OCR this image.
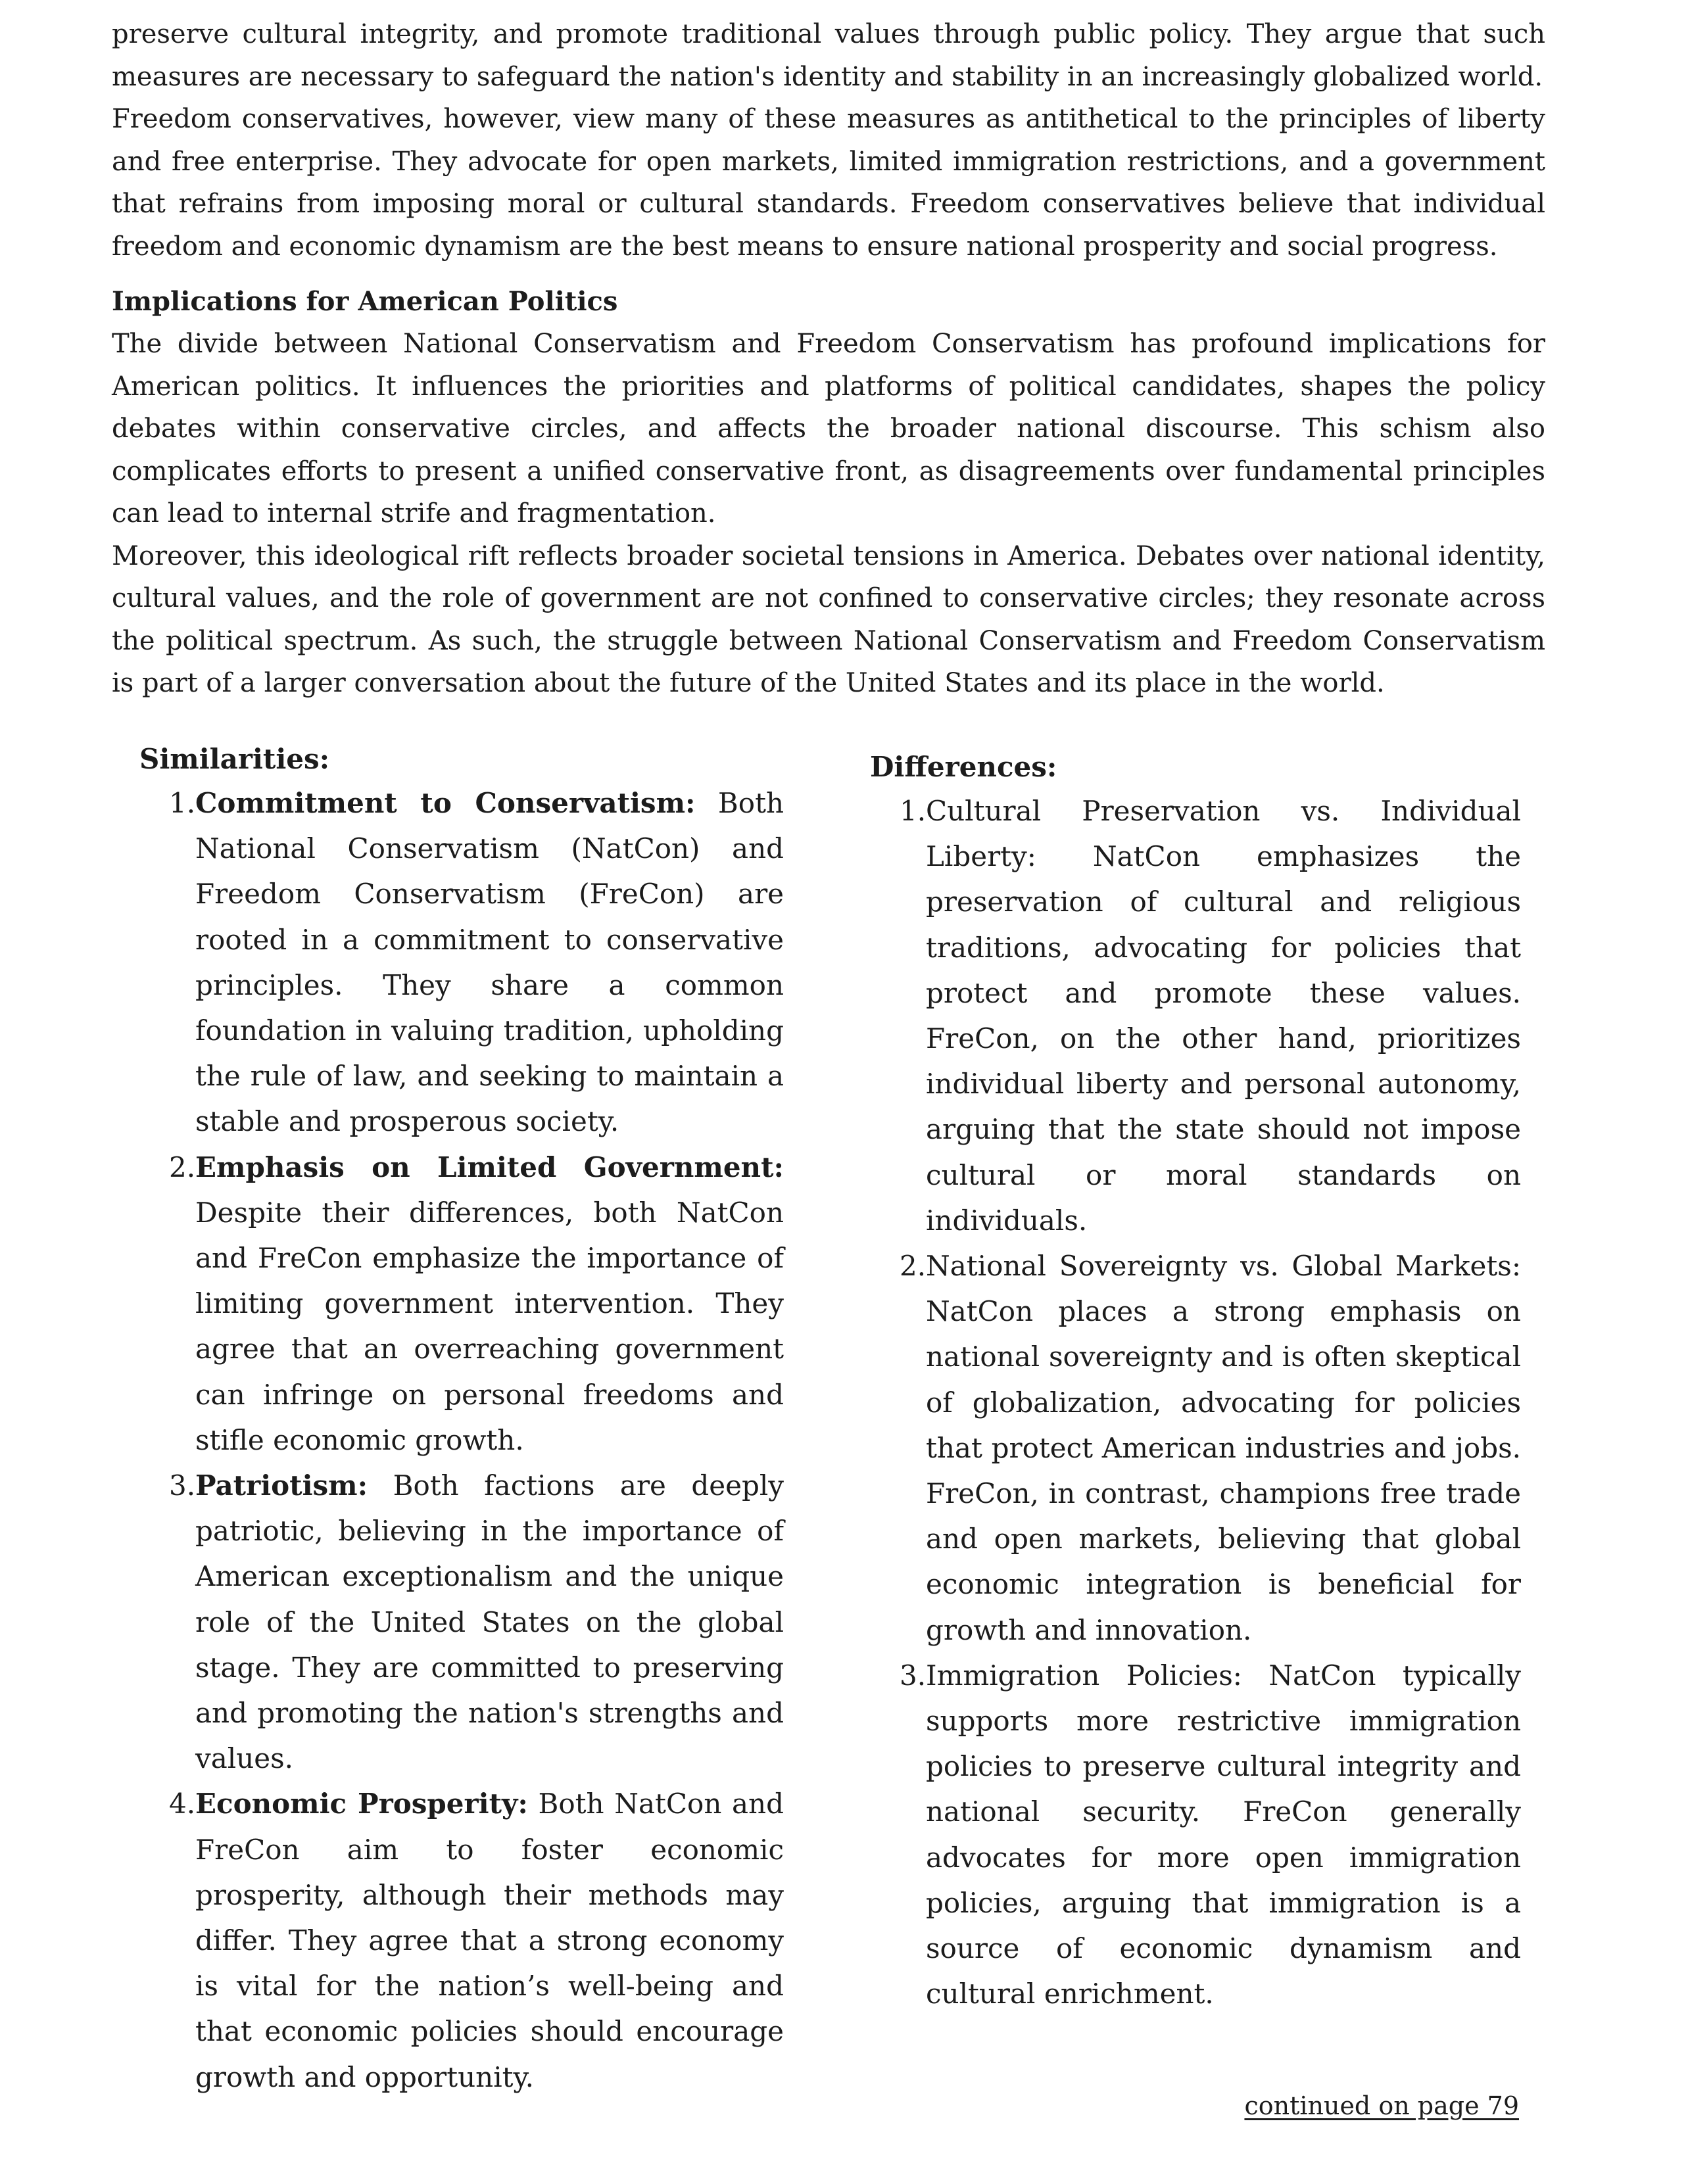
preserve cultural integrity, and promote traditional values through public policy. They argue that such measures are necessary to safeguard the nation's identity and stability in an increasingly globalized world.

Freedom conservatives, however, view many of these measures as antithetical to the principles of liberty and free enterprise. They advocate for open markets, limited immigration restrictions, and a government that refrains from imposing moral or cultural standards. Freedom conservatives believe that individual freedom and economic dynamism are the best means to ensure national prosperity and social progress.

Implications for American Politics

The divide between National Conservatism and Freedom Conservatism has profound implications for American politics. It influences the priorities and platforms of political candidates, shapes the policy debates within conservative circles, and affects the broader national discourse. This schism also complicates efforts to present a unified conservative front, as disagreements over fundamental principles can lead to internal strife and fragmentation.

Moreover, this ideological rift reflects broader societal tensions in America. Debates over national identity, cultural values, and the role of government are not confined to conservative circles; they resonate across the political spectrum. As such, the struggle between National Conservatism and Freedom Conservatism is part of a larger conversation about the future of the United States and its place in the world.

Similarities:
1. Commitment to Conservatism: Both National Conservatism (NatCon) and Freedom Conservatism (FreCon) are rooted in a commitment to conservative principles. They share a common foundation in valuing tradition, upholding the rule of law, and seeking to maintain a stable and prosperous society.
2. Emphasis on Limited Government: Despite their differences, both NatCon and FreCon emphasize the importance of limiting government intervention. They agree that an overreaching government can infringe on personal freedoms and stifle economic growth.
3. Patriotism: Both factions are deeply patriotic, believing in the importance of American exceptionalism and the unique role of the United States on the global stage. They are committed to preserving and promoting the nation's strengths and values.
4. Economic Prosperity: Both NatCon and FreCon aim to foster economic prosperity, although their methods may differ. They agree that a strong economy is vital for the nation’s well-being and that economic policies should encourage growth and opportunity.
Differences:
1. Cultural Preservation vs. Individual Liberty: NatCon emphasizes the preservation of cultural and religious traditions, advocating for policies that protect and promote these values. FreCon, on the other hand, prioritizes individual liberty and personal autonomy, arguing that the state should not impose cultural or moral standards on individuals.
2. National Sovereignty vs. Global Markets: NatCon places a strong emphasis on national sovereignty and is often skeptical of globalization, advocating for policies that protect American industries and jobs. FreCon, in contrast, champions free trade and open markets, believing that global economic integration is beneficial for growth and innovation.
3. Immigration Policies: NatCon typically supports more restrictive immigration policies to preserve cultural integrity and national security. FreCon generally advocates for more open immigration policies, arguing that immigration is a source of economic dynamism and cultural enrichment.
continued on page 79
